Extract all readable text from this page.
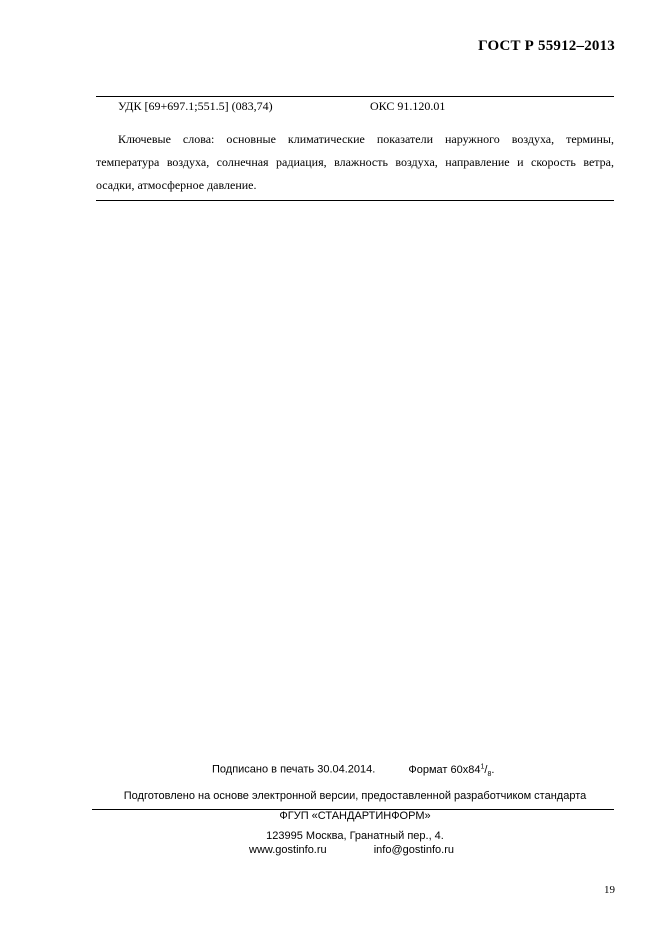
ГОСТ Р 55912–2013
УДК [69+697.1;551.5] (083,74)	ОКС 91.120.01
Ключевые слова: основные климатические показатели наружного воздуха, термины, температура воздуха, солнечная радиация, влажность воздуха, направление и скорость ветра, осадки, атмосферное давление.
Подписано в печать 30.04.2014.	Формат $60x84^1/_8$.
Подготовлено на основе электронной версии, предоставленной разработчиком стандарта
ФГУП «СТАНДАРТИНФОРМ»
123995 Москва, Гранатный пер., 4.
www.gostinfo.ru	info@gostinfo.ru
19
